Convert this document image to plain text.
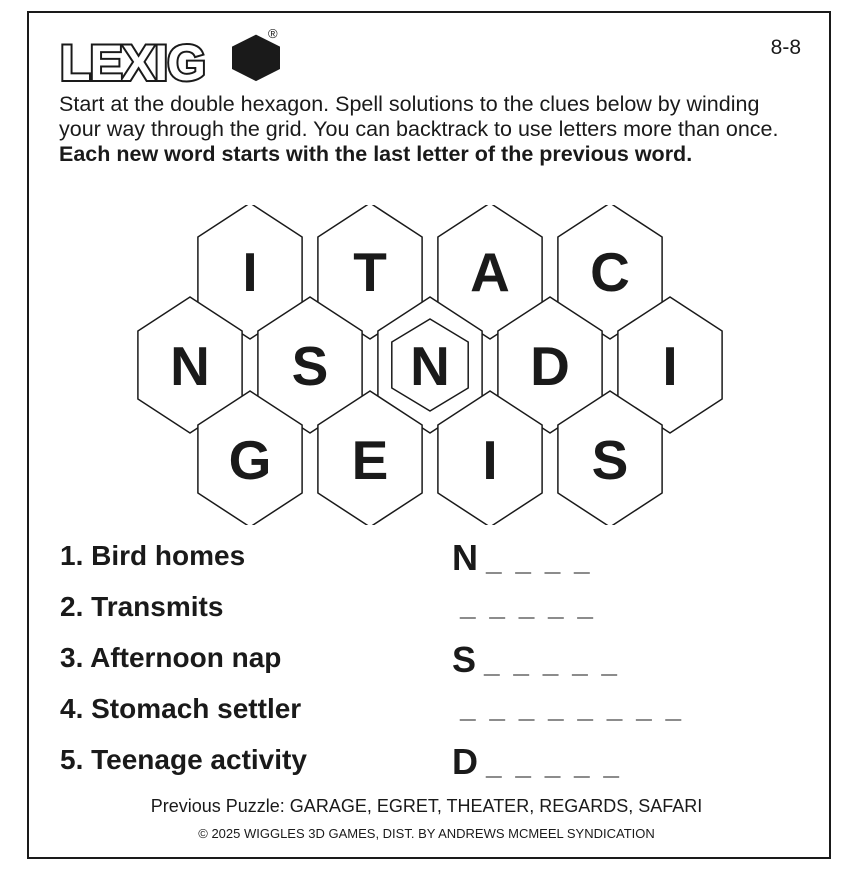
LEXIG
®
8-8
Start at the double hexagon. Spell solutions to the clues below by winding your way through the grid. You can backtrack to use letters more than once. Each new word starts with the last letter of the previous word.
I T A C
N S N D I
G E I S
1. Bird homes	N _ _ _ _
2. Transmits	_ _ _ _ _
3. Afternoon nap	S _ _ _ _ _
4. Stomach settler	_ _ _ _ _ _ _ _
5. Teenage activity	D _ _ _ _ _
Previous Puzzle: GARAGE, EGRET, THEATER, REGARDS, SAFARI
© 2025 WIGGLES 3D GAMES, DIST. BY ANDREWS MCMEEL SYNDICATION
